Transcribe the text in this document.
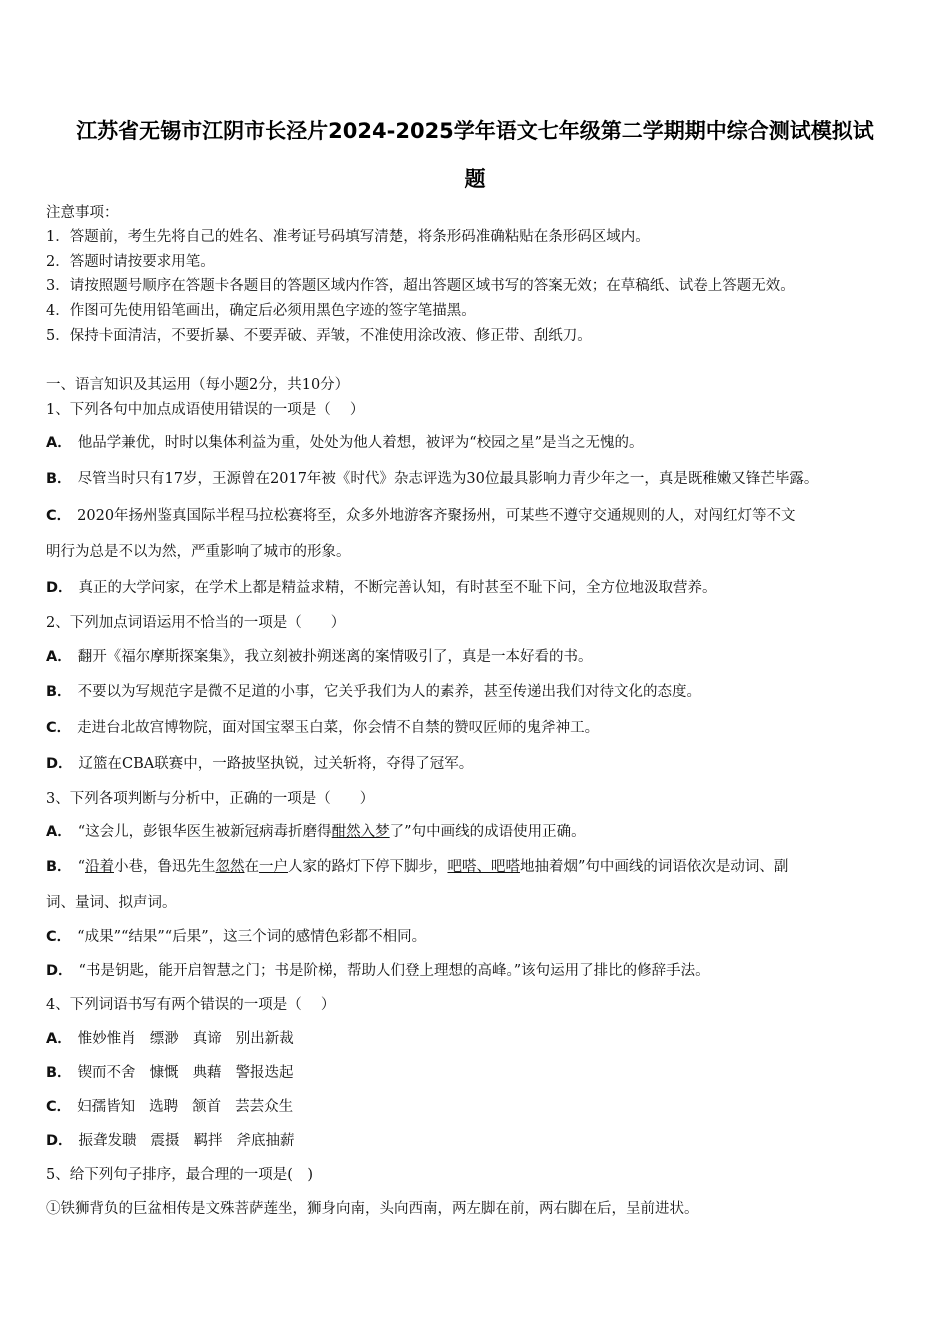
江苏省无锡市江阴市长泾片2024-2025学年语文七年级第二学期期中综合测试模拟试
题
注意事项：
1．答题前，考生先将自己的姓名、准考证号码填写清楚，将条形码准确粘贴在条形码区域内。
2．答题时请按要求用笔。
3．请按照题号顺序在答题卡各题目的答题区域内作答，超出答题区域书写的答案无效；在草稿纸、试卷上答题无效。
4．作图可先使用铅笔画出，确定后必须用黑色字迹的签字笔描黑。
5．保持卡面清洁，不要折暴、不要弄破、弄皱，不准使用涂改液、修正带、刮纸刀。
一、语言知识及其运用（每小题2分，共10分）
1、下列各句中加点成语使用错误的一项是（　 ）
A． 他品学兼优，时时以集体利益为重，处处为他人着想，被评为“校园之星”是当之无愧的。
B． 尽管当时只有17岁，王源曾在2017年被《时代》杂志评选为30位最具影响力青少年之一，真是既稚嫩又锋芒毕露。
C． 2020年扬州鉴真国际半程马拉松赛将至，众多外地游客齐聚扬州，可某些不遵守交通规则的人，对闯红灯等不文
明行为总是不以为然，严重影响了城市的形象。
D． 真正的大学问家，在学术上都是精益求精，不断完善认知，有时甚至不耻下问，全方位地汲取营养。
2、下列加点词语运用不恰当的一项是（　　）
A． 翻开《福尔摩斯探案集》，我立刻被扑朔迷离的案情吸引了，真是一本好看的书。
B． 不要以为写规范字是微不足道的小事，它关乎我们为人的素养，甚至传递出我们对待文化的态度。
C． 走进台北故宫博物院，面对国宝翠玉白菜，你会情不自禁的赞叹匠师的鬼斧神工。
D． 辽篮在CBA联赛中，一路披坚执锐，过关斩将，夺得了冠军。
3、下列各项判断与分析中，正确的一项是（　　）
A． “这会儿，彭银华医生被新冠病毒折磨得酣然入梦了”句中画线的成语使用正确。
B． “沿着小巷，鲁迅先生忽然在一户人家的路灯下停下脚步，吧嗒、吧嗒地抽着烟”句中画线的词语依次是动词、副
词、量词、拟声词。
C． “成果”“结果”“后果”，这三个词的感情色彩都不相同。
D． “书是钥匙，能开启智慧之门；书是阶梯，帮助人们登上理想的高峰。”该句运用了排比的修辞手法。
4、下列词语书写有两个错误的一项是（　 ）
A． 惟妙惟肖 缥渺 真谛 别出新裁
B． 锲而不舍 慷慨 典藉 警报迭起
C． 妇孺皆知 选聘 颔首 芸芸众生
D． 振聋发聩 震摄 羁拌 斧底抽薪
5、给下列句子排序，最合理的一项是(　)
①铁狮背负的巨盆相传是文殊菩萨莲坐，狮身向南，头向西南，两左脚在前，两右脚在后，呈前进状。
